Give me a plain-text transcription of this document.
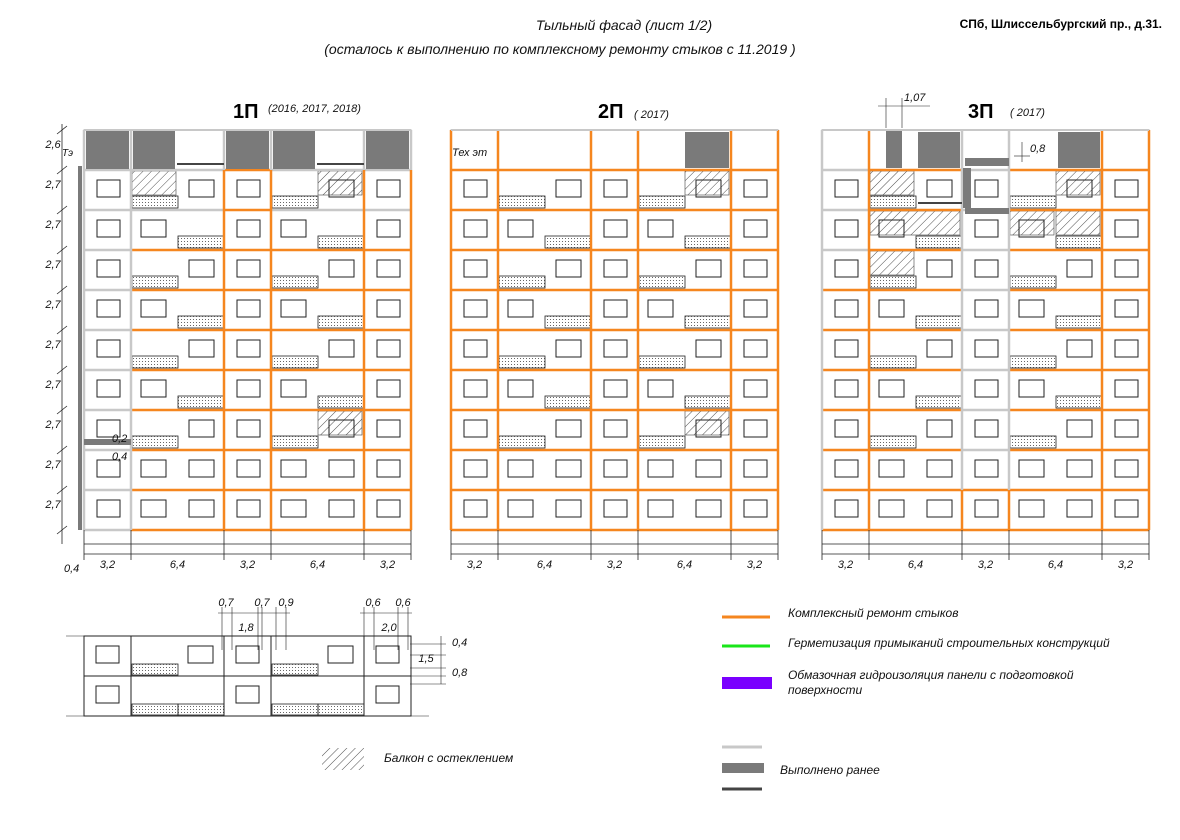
Тыльный фасад (лист 1/2)
(осталось к выполнению по комплексному ремонту стыков с 11.2019 )
СПб, Шлиссельбургский пр., д.31.
1П (2016, 2017, 2018)	2П ( 2017)	3П ( 2017)
3,2	6,4	3,2	6,4	3,2	3,2	6,4	3,2	6,4	3,2	3,2	6,4	3,2	6,4	3,2
2,6
2,7
2,7
2,7
2,7
2,7
2,7
2,7
2,7
2,7
Тэ	Тех эт
1,07
0,8
0,2
0,4
0,4
0,7 0,7 0,9	0,6 0,6
1,8	2,0
0,4
1,5
0,8
Комплексный ремонт стыков
Герметизация примыканий строительных конструкций
Обмазочная гидроизоляция панели с подготовкой
поверхности
Балкон с остеклением
Выполнено ранее
